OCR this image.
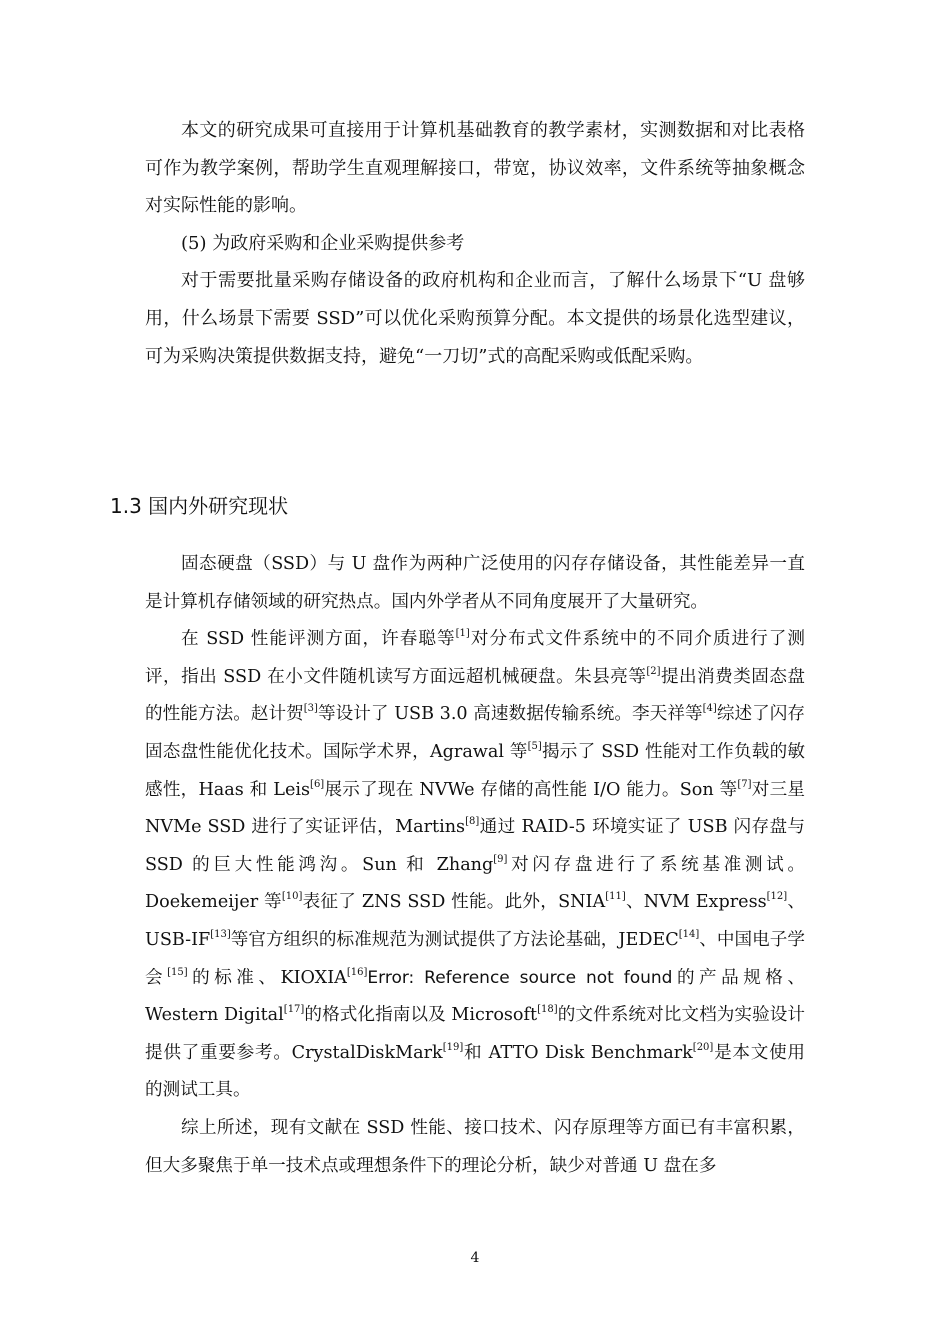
本文的研究成果可直接用于计算机基础教育的教学素材，实测数据和对比表格可作为教学案例，帮助学生直观理解接口，带宽，协议效率，文件系统等抽象概念对实际性能的影响。

(5) 为政府采购和企业采购提供参考

对于需要批量采购存储设备的政府机构和企业而言，了解什么场景下“U 盘够用，什么场景下需要 SSD”可以优化采购预算分配。本文提供的场景化选型建议，可为采购决策提供数据支持，避免“一刀切”式的高配采购或低配采购。

1.3 国内外研究现状

固态硬盘（SSD）与 U 盘作为两种广泛使用的闪存存储设备，其性能差异一直是计算机存储领域的研究热点。国内外学者从不同角度展开了大量研究。

在 SSD 性能评测方面，许春聪等[1]对分布式文件系统中的不同介质进行了测评，指出 SSD 在小文件随机读写方面远超机械硬盘。朱县亮等[2]提出消费类固态盘的性能方法。赵计贺[3]等设计了 USB 3.0 高速数据传输系统。李天祥等[4]综述了闪存固态盘性能优化技术。国际学术界，Agrawal 等[5]揭示了 SSD 性能对工作负载的敏感性，Haas 和 Leis[6]展示了现在 NVWe 存储的高性能 I/O 能力。Son 等[7]对三星 NVMe SSD 进行了实证评估，Martins[8]通过 RAID-5 环境实证了 USB 闪存盘与 SSD 的巨大性能鸿沟。Sun 和 Zhang[9]对闪存盘进行了系统基准测试。Doekemeijer 等[10]表征了 ZNS SSD 性能。此外，SNIA[11]、NVM Express[12]、USB-IF[13]等官方组织的标准规范为测试提供了方法论基础，JEDEC[14]、中国电子学会[15]的标准、KIOXIA[16]Error: Reference source not found的产品规格、Western Digital[17]的格式化指南以及 Microsoft[18]的文件系统对比文档为实验设计提供了重要参考。CrystalDiskMark[19]和 ATTO Disk Benchmark[20]是本文使用的测试工具。

综上所述，现有文献在 SSD 性能、接口技术、闪存原理等方面已有丰富积累，但大多聚焦于单一技术点或理想条件下的理论分析，缺少对普通 U 盘在多

4
